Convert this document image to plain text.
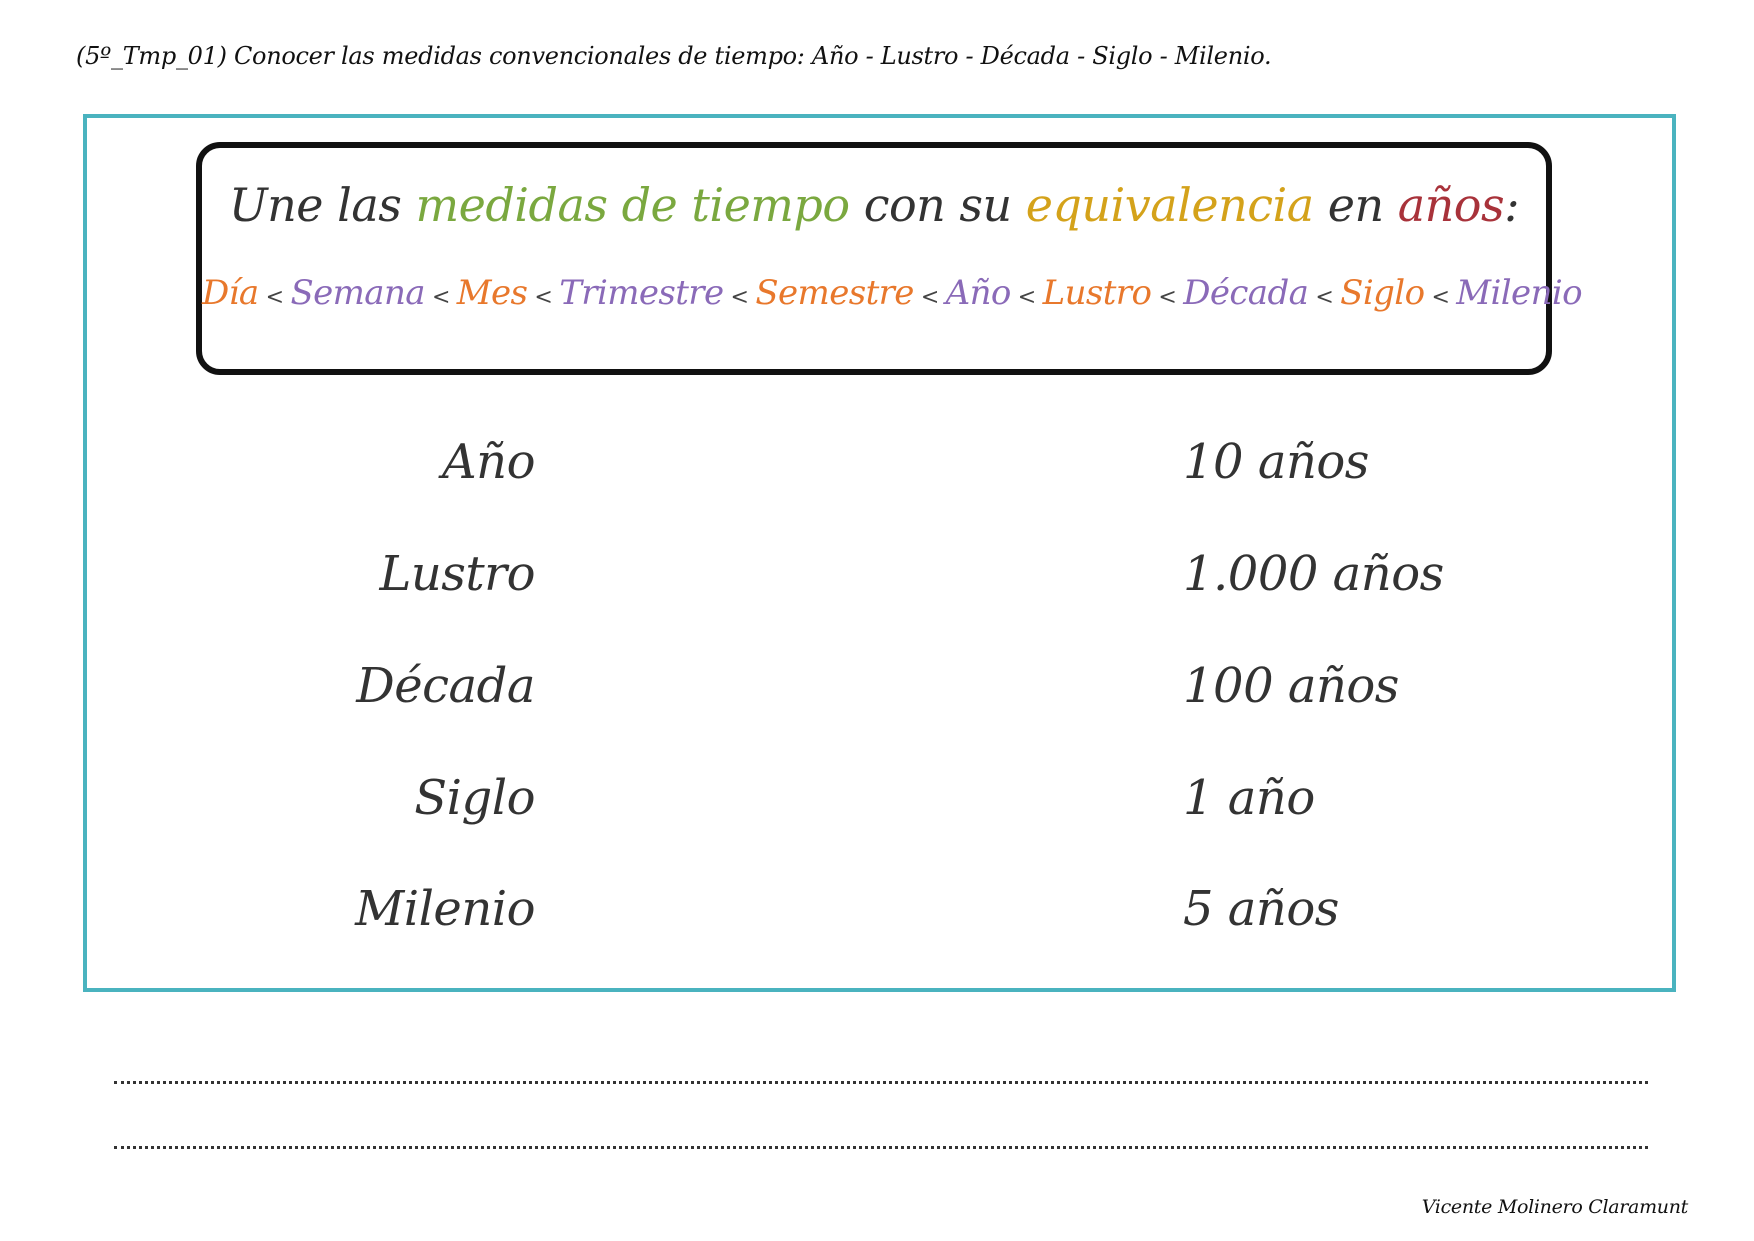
(5º_Tmp_01) Conocer las medidas convencionales de tiempo: Año - Lustro - Década - Siglo - Milenio.
Une las medidas de tiempo con su equivalencia en años:
Día < Semana < Mes < Trimestre < Semestre < Año < Lustro < Década < Siglo < Milenio
Año
Lustro
Década
Siglo
Milenio
10 años
1.000 años
100 años
1 año
5 años
Vicente Molinero Claramunt
